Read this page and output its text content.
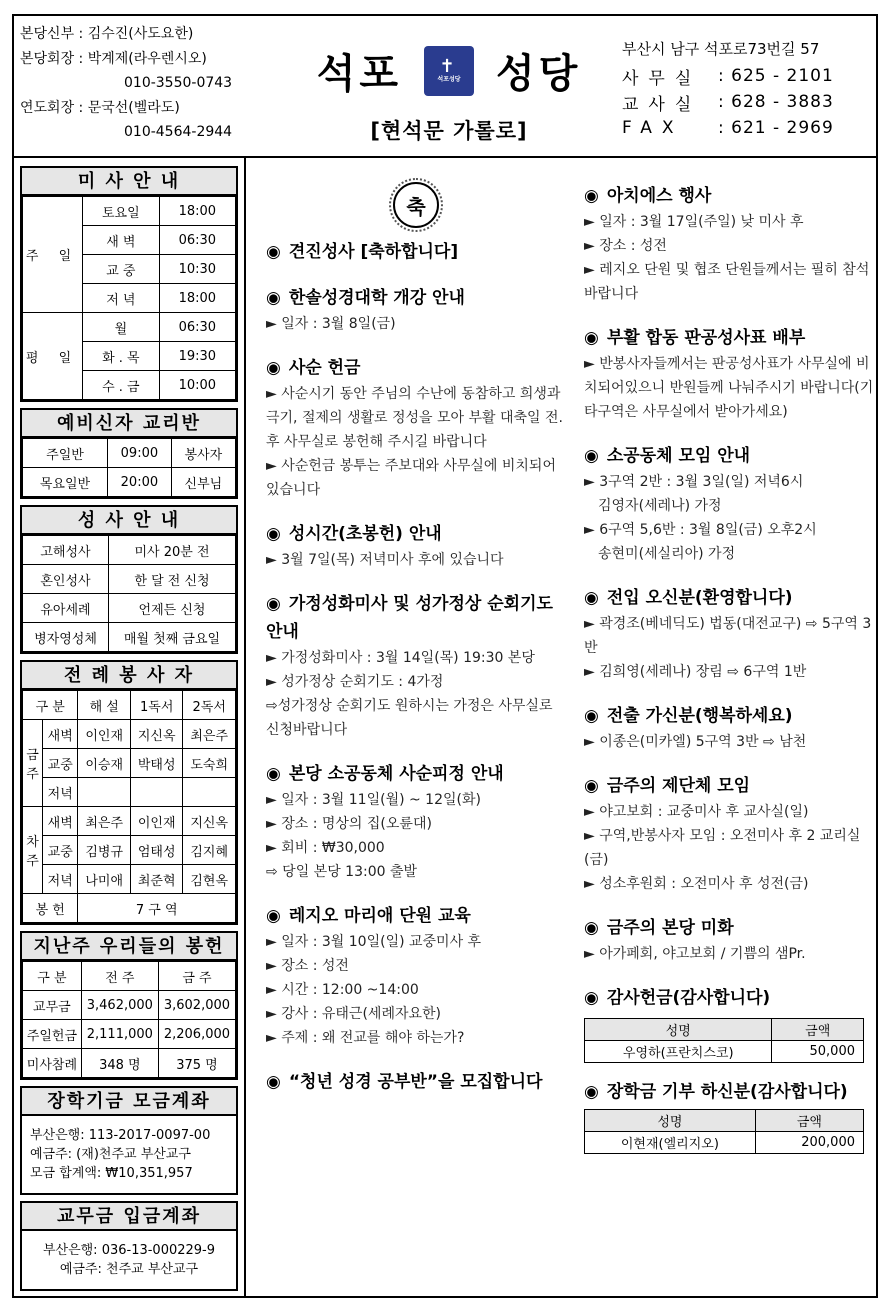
본당신부 : 김수진(사도요한)
본당회장 : 박계제(라우렌시오)
010-3550-0743
연도회장 : 문국선(벨라도)
010-4564-2944
석포 ✝
석포성당 성당
[현석문 가롤로]
부산시 남구 석포로73번길 57
사무실 : 625 - 2101
교사실 : 628 - 3883
FAX	: 621 - 2969
미 사 안 내
주 일	토요일	18:00
	새 벽	06:30
	교 중	10:30
	저 녁	18:00
평 일	월	06:30
	화 . 목	19:30
	수 . 금	10:00
예비신자 교리반
주일반	09:00	봉사자
목요일반	20:00	신부님
성 사 안 내
고해성사	미사 20분 전
혼인성사	한 달 전 신청
유아세례	언제든 신청
병자영성체	매월 첫째 금요일
전 례 봉 사 자
구 분		해 설	1독서	2독서
금주	새벽	이인재	지신옥	최은주
	교중	이승재	박태성	도숙희
	저녁			
차주	새벽	최은주	이인재	지신옥
	교중	김병규	엄태성	김지혜
	저녁	나미애	최준혁	김현옥
봉 헌		7 구 역		
지난주 우리들의 봉헌
구 분	전 주	금 주
교무금	3,462,000	3,602,000
주일헌금	2,111,000	2,206,000
미사참례	348 명	375 명
장학기금 모금계좌
부산은행: 113-2017-0097-00
예금주: (재)천주교 부산교구
모금 합계액: ₩10,351,957
교무금 입금계좌
부산은행: 036-13-000229-9
예금주: 천주교 부산교구
축
◉ 견진성사 [축하합니다]
◉ 한솔성경대학 개강 안내
► 일자 : 3월 8일(금)
◉ 사순 헌금
► 사순시기 동안 주님의 수난에 동참하고 희생과 극기, 절제의 생활로 정성을 모아 부활 대축일 전.후 사무실로 봉헌해 주시길 바랍니다
► 사순헌금 봉투는 주보대와 사무실에 비치되어 있습니다
◉ 성시간(초봉헌) 안내
► 3월 7일(목) 저녁미사 후에 있습니다
◉ 가정성화미사 및 성가정상 순회기도 안내
► 가정성화미사 : 3월 14일(목) 19:30 본당
► 성가정상 순회기도 : 4가정
⇨성가정상 순회기도 원하시는 가정은 사무실로 신청바랍니다
◉ 본당 소공동체 사순피정 안내
► 일자 : 3월 11일(월) ~ 12일(화)
► 장소 : 명상의 집(오륜대)
► 회비 : ₩30,000
⇨ 당일 본당 13:00 출발
◉ 레지오 마리애 단원 교육
► 일자 : 3월 10일(일) 교중미사 후
► 장소 : 성전
► 시간 : 12:00 ~14:00
► 강사 : 유태근(세례자요한)
► 주제 : 왜 전교를 해야 하는가?
◉ “청년 성경 공부반”을 모집합니다
◉ 아치에스 행사
► 일자 : 3월 17일(주일) 낮 미사 후
► 장소 : 성전
► 레지오 단원 및 협조 단원들께서는 필히 참석바랍니다
◉ 부활 합동 판공성사표 배부
► 반봉사자들께서는 판공성사표가 사무실에 비치되어있으니 반원들께 나눠주시기 바랍니다(기타구역은 사무실에서 받아가세요)
◉ 소공동체 모임 안내
► 3구역 2반 : 3월 3일(일) 저녁6시
김영자(세레나) 가정
► 6구역 5,6반 : 3월 8일(금) 오후2시
송현미(세실리아) 가정
◉ 전입 오신분(환영합니다)
► 곽경조(베네딕도) 법동(대전교구) ⇨ 5구역 3반
► 김희영(세레나) 장림 ⇨ 6구역 1반
◉ 전출 가신분(행복하세요)
► 이종은(미카엘) 5구역 3반 ⇨ 남천
◉ 금주의 제단체 모임
► 야고보회 : 교중미사 후 교사실(일)
► 구역,반봉사자 모임 : 오전미사 후 2 교리실(금)
► 성소후원회 : 오전미사 후 성전(금)
◉ 금주의 본당 미화
► 아가페회, 야고보회 / 기쁨의 샘Pr.
◉ 감사헌금(감사합니다)
성명	금액
우영하(프란치스코)	50,000
◉ 장학금 기부 하신분(감사합니다)
성명	금액
이현재(엘리지오)	200,000
